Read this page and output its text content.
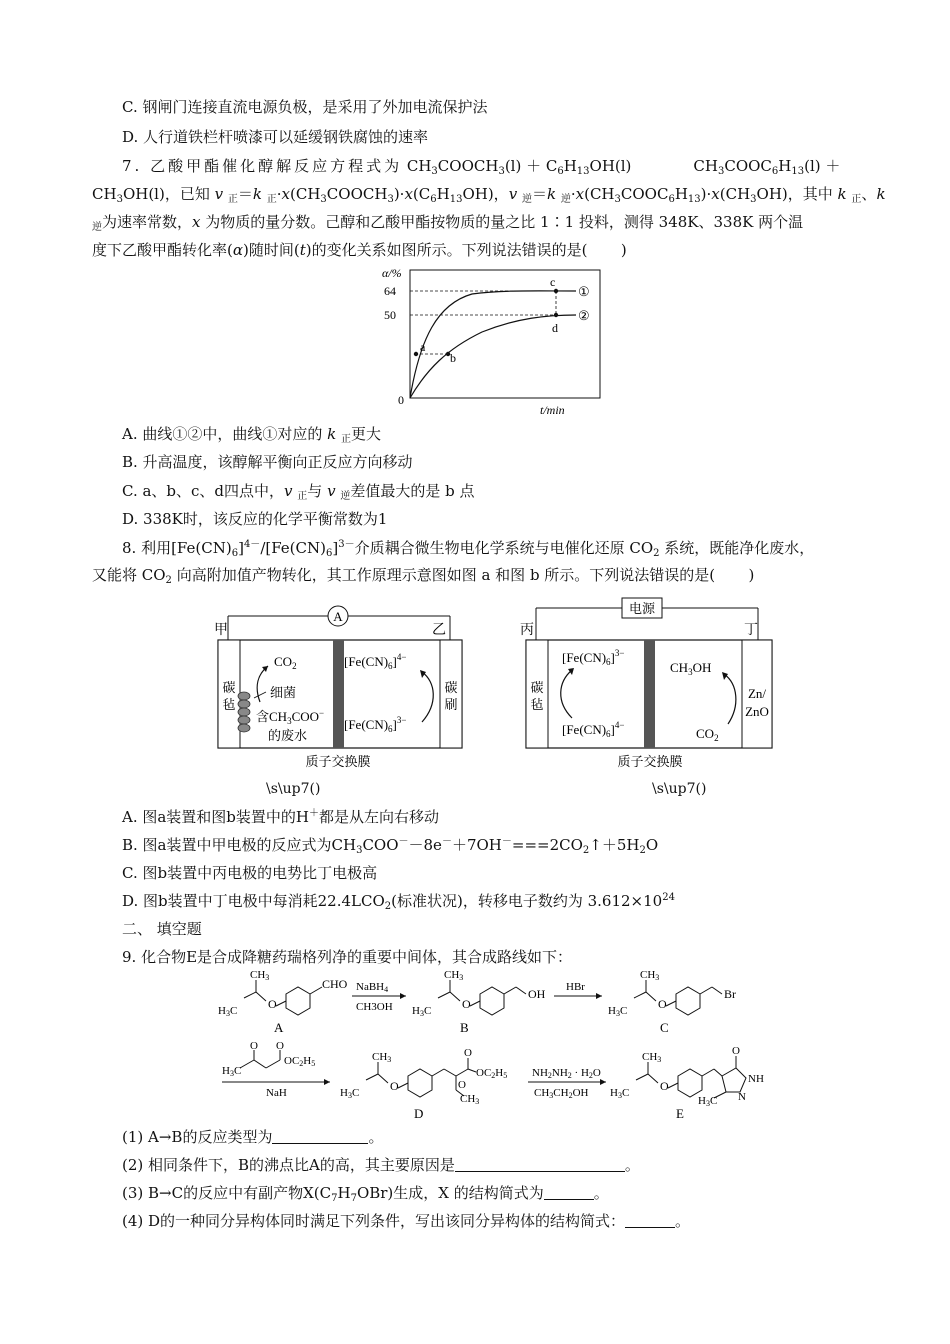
C. 钢闸门连接直流电源负极，是采用了外加电流保护法
D. 人行道铁栏杆喷漆可以延缓钢铁腐蚀的速率
7. 乙酸甲酯催化醇解反应方程式为 $CH_3COOCH_3(l) + C_6H_{13}OH(l)$	$CH_3COOC_6H_{13}(l)$ ＋
$CH_3OH(l)$，已知 v $_正$＝k $_正\cdot x(CH_3COOCH_3)\cdot x(C_6H_{13}OH)$，v $_逆$＝k $_逆\cdot x(CH_3COOC_6H_{13})\cdot x(CH_3OH)$，其中 k $_正$、k
$_逆$为速率常数，x 为物质的量分数。己醇和乙酸甲酯按物质的量之比 1∶1 投料，测得 348K、338K 两个温
度下乙酸甲酯转化率(α)随时间(t)的变化关系如图所示。下列说法错误的是(       )
α/%
64
50
0
a
b
c
d
①
②
t/min
A. 曲线①②中，曲线①对应的 k $_正$更大
B. 升高温度，该醇解平衡向正反应方向移动
C. a、b、c、d四点中，v $_正$与 v $_逆$差值最大的是 b 点
D. 338K时，该反应的化学平衡常数为1
8. 利用$[Fe(CN)_6]^{4-}/[Fe(CN)_6]^{3-}$介质耦合微生物电化学系统与电催化还原 $CO_2$ 系统，既能净化废水，
又能将 $CO_2$ 向高附加值产物转化，其工作原理示意图如图 a 和图 b 所示。下列说法错误的是(       )
A
甲	乙
碳
毡
碳
刷
$CO_2$
细菌
含$CH_3COO^-$
的废水
$[Fe(CN)_6]^{4-}$
$[Fe(CN)_6]^{3-}$
质子交换膜
\s\up7()
电源
丙	丁
碳
毡
Zn/
ZnO
$[Fe(CN)_6]^{3-}$
$[Fe(CN)_6]^{4-}$
$CH_3OH$
$CO_2$
质子交换膜
\s\up7()
A. 图a装置和图b装置中的H＋都是从左向右移动
B. 图a装置中甲电极的反应式为$CH_3COO^--8e^-+7OH^-===2CO_2↑+5H_2O$
C. 图b装置中丙电极的电势比丁电极高
D. 图b装置中丁电极中每消耗$22.4LCO_2$(标准状况)，转移电子数约为 $3.612\times 10^{24}$
二、 填空题
9. 化合物E是合成降糖药瑞格列净的重要中间体，其合成路线如下：
CHO
O
CH3
H3C
A
NaBH4
CH3OH
OH
O
CH3
H3C
B
HBr	Br
O
CH3
H3C
C
O O
H3C
OC2H5
NaH
O
OC2H5
O
CH3
O
CH3
H3C
D
NH2NH2 · H2O
CH3CH2OH
O
NH
N
H3C
O
CH3
H3C
E
(1) A→B的反应类型为	。
(2) 相同条件下，B的沸点比A的高，其主要原因是	。
(3) B→C的反应中有副产物$X(C_7H_7OBr)$生成，X 的结构简式为	。
(4) D的一种同分异构体同时满足下列条件，写出该同分异构体的结构简式：	。
